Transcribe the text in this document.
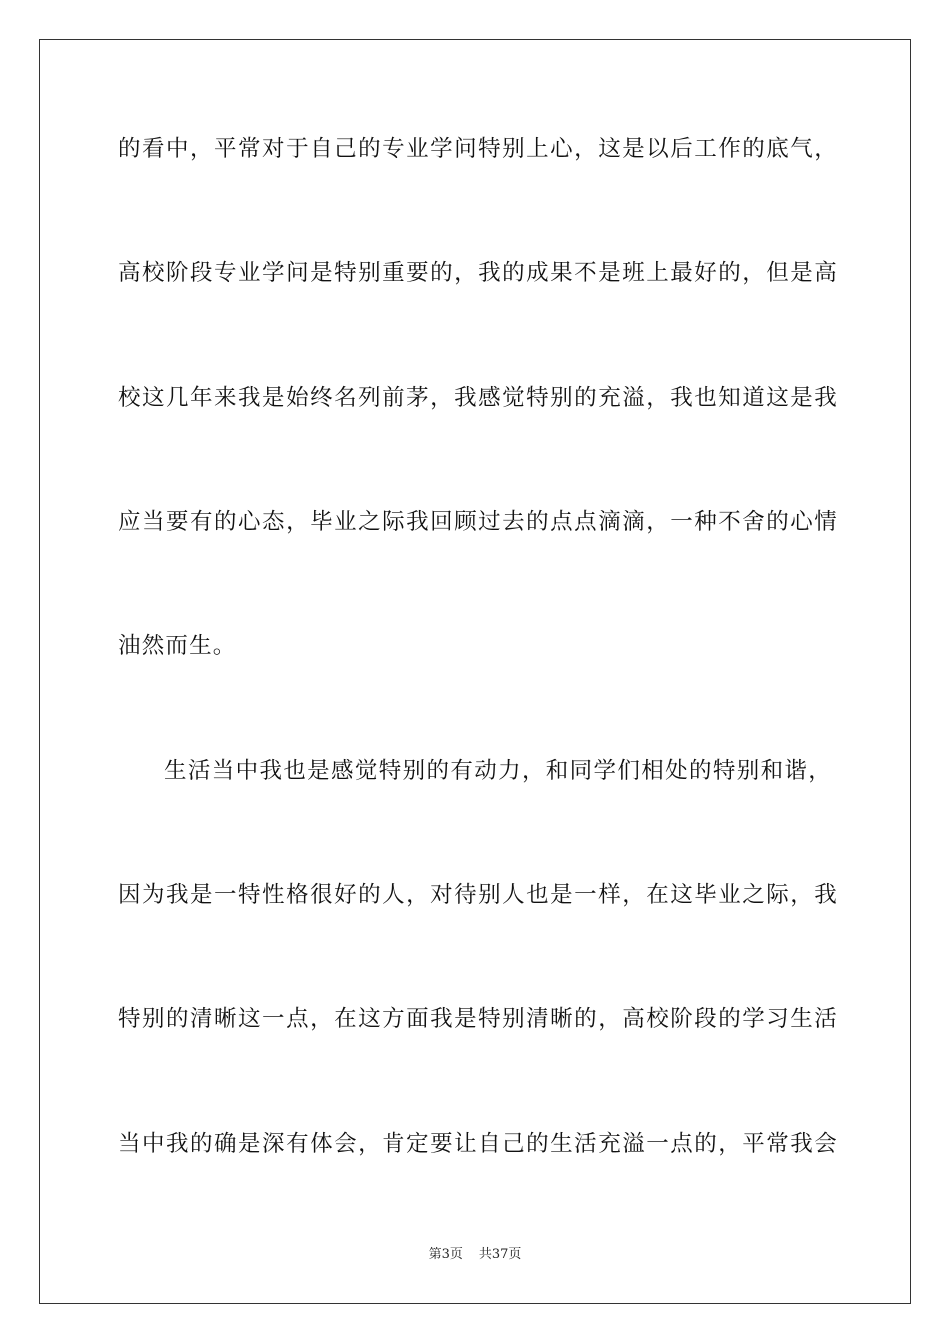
的看中，平常对于自己的专业学问特别上心，这是以后工作的底气，
高校阶段专业学问是特别重要的，我的成果不是班上最好的，但是高
校这几年来我是始终名列前茅，我感觉特别的充溢，我也知道这是我
应当要有的心态，毕业之际我回顾过去的点点滴滴，一种不舍的心情
油然而生。
生活当中我也是感觉特别的有动力，和同学们相处的特别和谐，
因为我是一特性格很好的人，对待别人也是一样，在这毕业之际，我
特别的清晰这一点，在这方面我是特别清晰的，高校阶段的学习生活
当中我的确是深有体会，肯定要让自己的生活充溢一点的，平常我会
第3页 共37页
